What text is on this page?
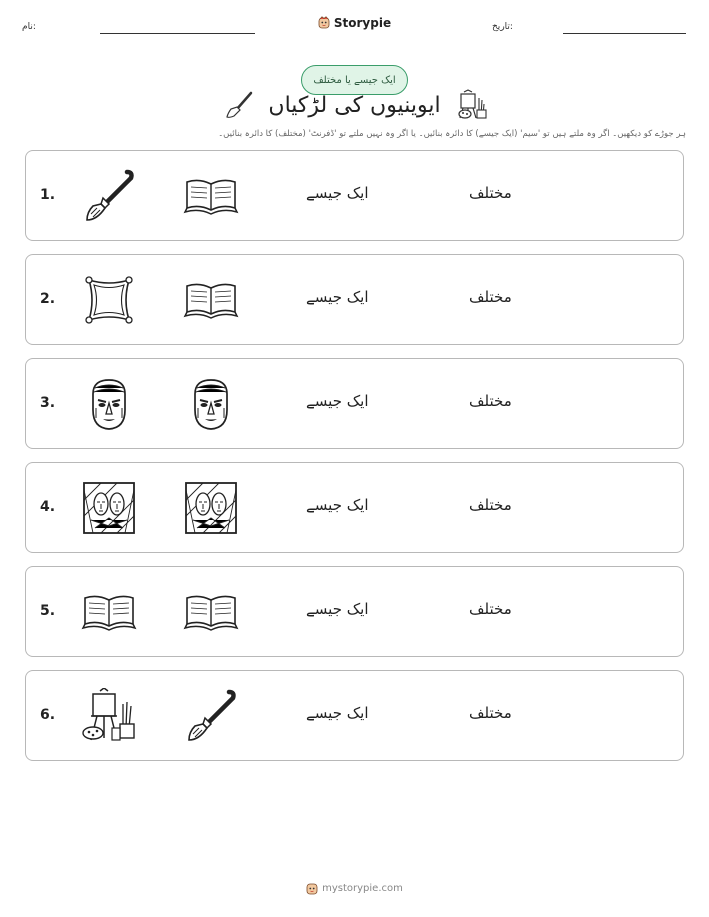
نام:	Storypie	تاریخ:
ایک جیسے یا مختلف
ایوینیوں کی لڑکیاں
ہر جوڑے کو دیکھیں۔ اگر وہ ملتے ہیں تو 'سیم' (ایک جیسے) کا دائرہ بنائیں۔ یا اگر وہ نہیں ملتے تو 'ڈفرنٹ' (مختلف) کا دائرہ بنائیں۔
1.	ایک جیسے	مختلف
2.	ایک جیسے	مختلف
3.	ایک جیسے	مختلف
4.	ایک جیسے	مختلف
5.	ایک جیسے	مختلف
6.	ایک جیسے	مختلف
mystorypie.com
